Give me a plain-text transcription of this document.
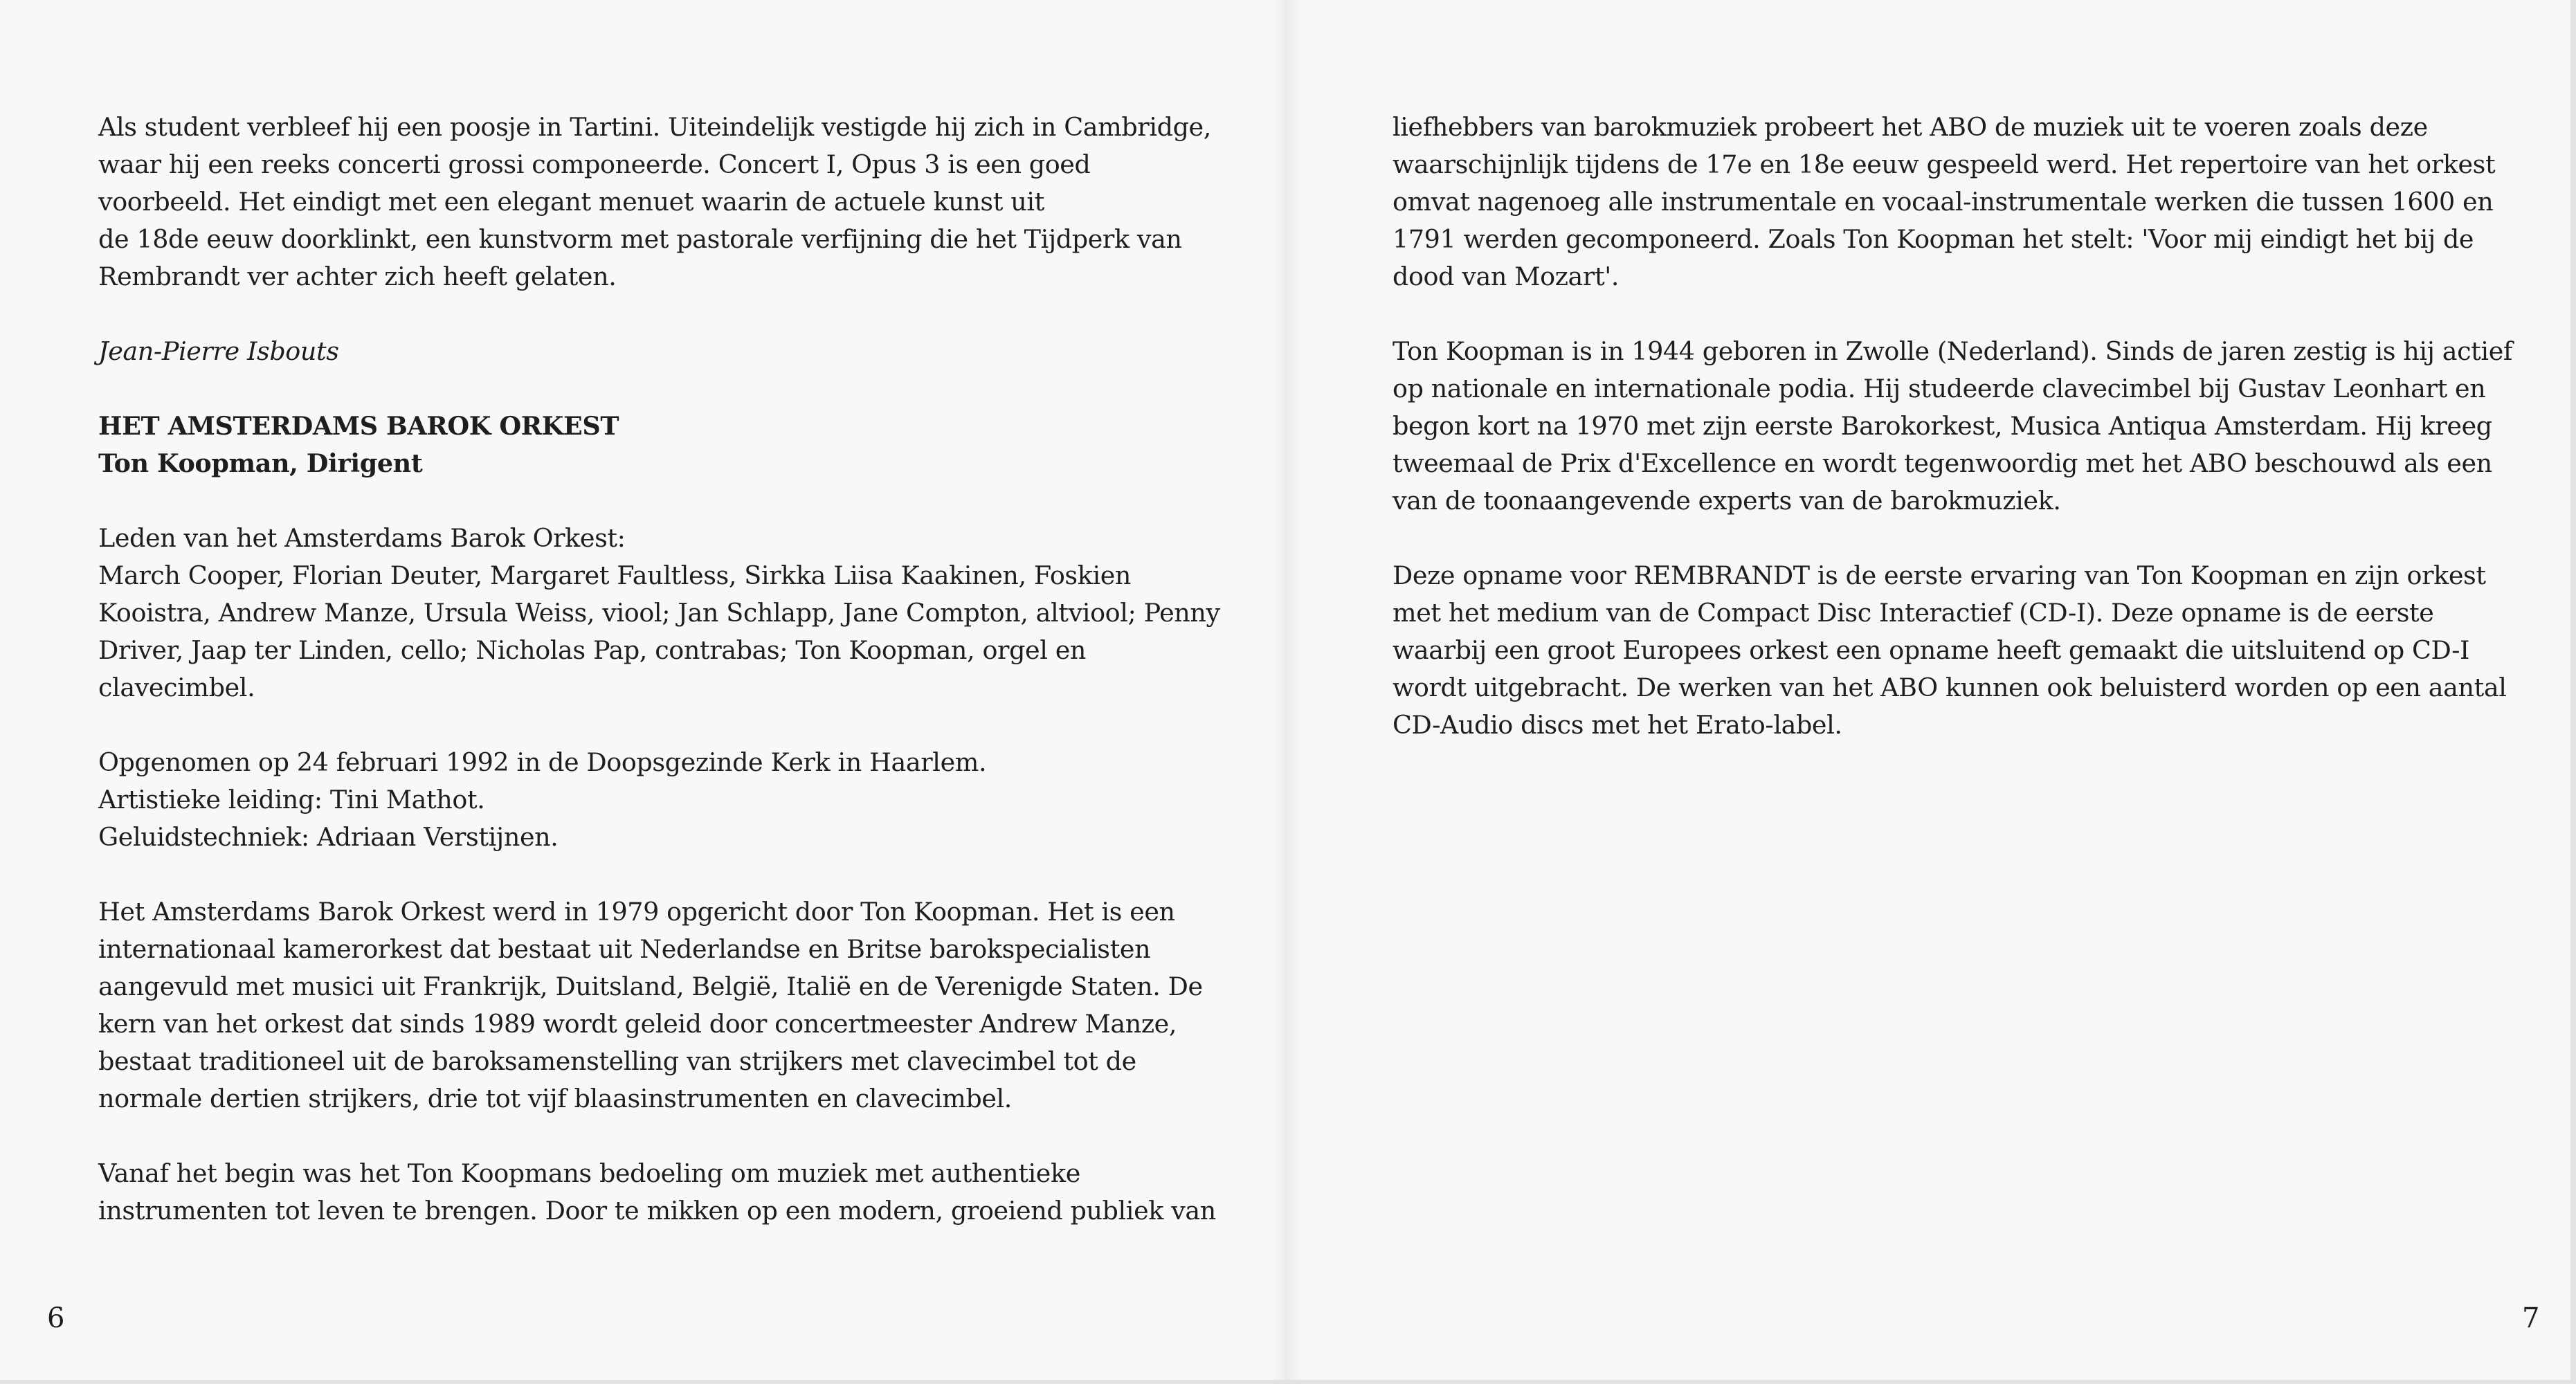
Als student verbleef hij een poosje in Tartini. Uiteindelijk vestigde hij zich in Cambridge,
waar hij een reeks concerti grossi componeerde. Concert I, Opus 3 is een goed
voorbeeld. Het eindigt met een elegant menuet waarin de actuele kunst uit
de 18de eeuw doorklinkt, een kunstvorm met pastorale verfijning die het Tijdperk van
Rembrandt ver achter zich heeft gelaten.

Jean-Pierre Isbouts

HET AMSTERDAMS BAROK ORKEST
Ton Koopman, Dirigent

Leden van het Amsterdams Barok Orkest:
March Cooper, Florian Deuter, Margaret Faultless, Sirkka Liisa Kaakinen, Foskien
Kooistra, Andrew Manze, Ursula Weiss, viool; Jan Schlapp, Jane Compton, altviool; Penny
Driver, Jaap ter Linden, cello; Nicholas Pap, contrabas; Ton Koopman, orgel en
clavecimbel.

Opgenomen op 24 februari 1992 in de Doopsgezinde Kerk in Haarlem.
Artistieke leiding: Tini Mathot.
Geluidstechniek: Adriaan Verstijnen.

Het Amsterdams Barok Orkest werd in 1979 opgericht door Ton Koopman. Het is een
internationaal kamerorkest dat bestaat uit Nederlandse en Britse barokspecialisten
aangevuld met musici uit Frankrijk, Duitsland, België, Italië en de Verenigde Staten. De
kern van het orkest dat sinds 1989 wordt geleid door concertmeester Andrew Manze,
bestaat traditioneel uit de baroksamenstelling van strijkers met clavecimbel tot de
normale dertien strijkers, drie tot vijf blaasinstrumenten en clavecimbel.

Vanaf het begin was het Ton Koopmans bedoeling om muziek met authentieke
instrumenten tot leven te brengen. Door te mikken op een modern, groeiend publiek van

liefhebbers van barokmuziek probeert het ABO de muziek uit te voeren zoals deze
waarschijnlijk tijdens de 17e en 18e eeuw gespeeld werd. Het repertoire van het orkest
omvat nagenoeg alle instrumentale en vocaal-instrumentale werken die tussen 1600 en
1791 werden gecomponeerd. Zoals Ton Koopman het stelt: 'Voor mij eindigt het bij de
dood van Mozart'.

Ton Koopman is in 1944 geboren in Zwolle (Nederland). Sinds de jaren zestig is hij actief
op nationale en internationale podia. Hij studeerde clavecimbel bij Gustav Leonhart en
begon kort na 1970 met zijn eerste Barokorkest, Musica Antiqua Amsterdam. Hij kreeg
tweemaal de Prix d'Excellence en wordt tegenwoordig met het ABO beschouwd als een
van de toonaangevende experts van de barokmuziek.

Deze opname voor REMBRANDT is de eerste ervaring van Ton Koopman en zijn orkest
met het medium van de Compact Disc Interactief (CD-I). Deze opname is de eerste
waarbij een groot Europees orkest een opname heeft gemaakt die uitsluitend op CD-I
wordt uitgebracht. De werken van het ABO kunnen ook beluisterd worden op een aantal
CD-Audio discs met het Erato-label.

6	7
